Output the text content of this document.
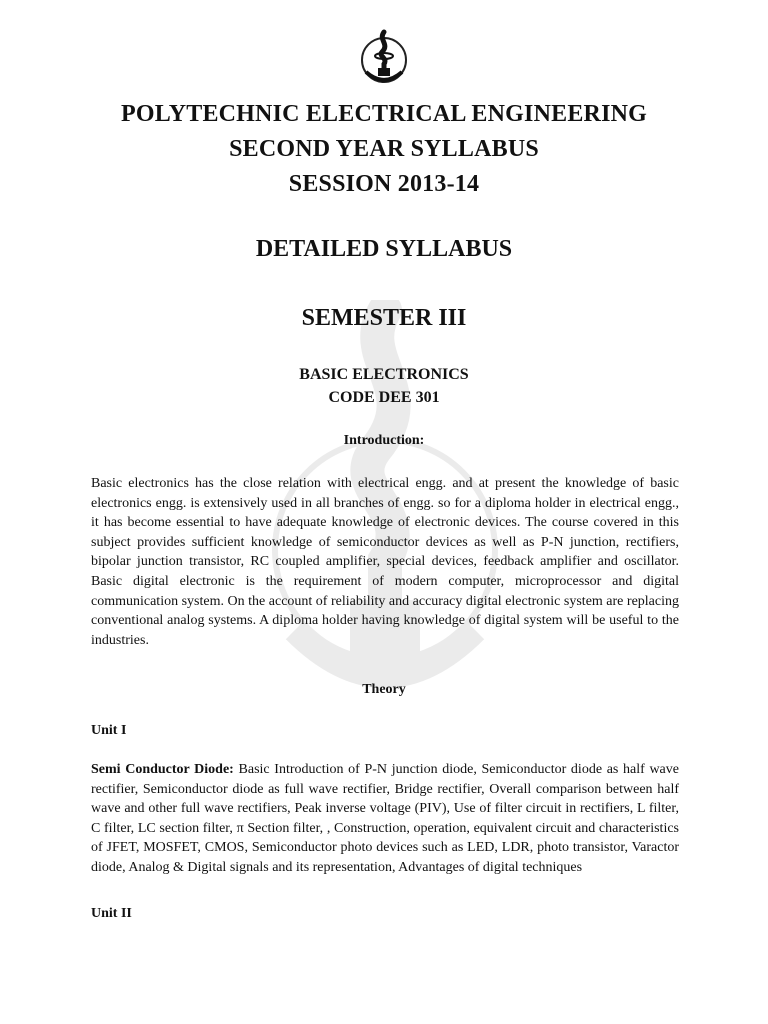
POLYTECHNIC ELECTRICAL ENGINEERING
SECOND YEAR SYLLABUS
SESSION 2013-14
DETAILED SYLLABUS
SEMESTER III
BASIC ELECTRONICS
CODE DEE 301
Introduction:
Basic electronics has the close relation with electrical engg. and at present the knowledge of basic electronics engg. is extensively used in all branches of engg. so for a diploma holder in electrical engg., it has become essential to have adequate knowledge of electronic devices. The course covered in this subject provides sufficient knowledge of semiconductor devices as well as P-N junction, rectifiers, bipolar junction transistor, RC coupled amplifier, special devices, feedback amplifier and oscillator. Basic digital electronic is the requirement of modern computer, microprocessor and digital communication system. On the account of reliability and accuracy digital electronic system are replacing conventional analog systems. A diploma holder having knowledge of digital system will be useful to the industries.
Theory
Unit I
Semi Conductor Diode: Basic Introduction of P-N junction diode, Semiconductor diode as half wave rectifier, Semiconductor diode as full wave rectifier, Bridge rectifier, Overall comparison between half wave and other full wave rectifiers, Peak inverse voltage (PIV), Use of filter circuit in rectifiers, L filter, C filter, LC section filter, π Section filter, , Construction, operation, equivalent circuit and characteristics of JFET, MOSFET, CMOS, Semiconductor photo devices such as LED, LDR, photo transistor, Varactor diode, Analog & Digital signals and its representation, Advantages of digital techniques
Unit II
